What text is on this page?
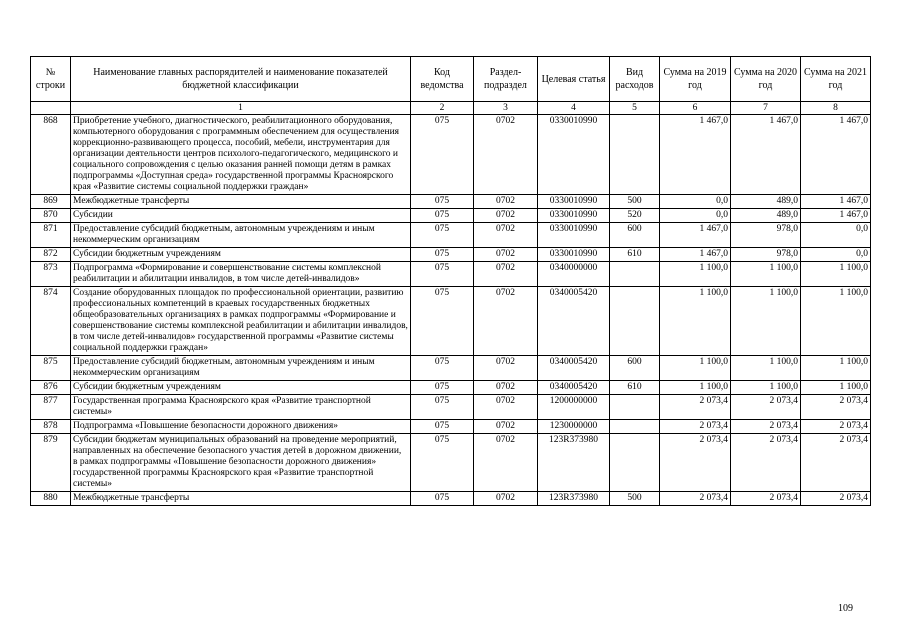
№ строки	Наименование главных распорядителей и наименование показателей бюджетной классификации	Код ведомства	Раздел-подраздел	Целевая статья	Вид расходов	Сумма на 2019 год	Сумма на 2020 год	Сумма на 2021 год
	1	2	3	4	5	6	7	8
868	Приобретение учебного, диагностического, реабилитационного оборудования, компьютерного оборудования с программным обеспечением для осуществления коррекционно-развивающего процесса, пособий, мебели, инструментария для организации деятельности центров психолого-педагогического, медицинского и социального сопровождения с целью оказания ранней помощи детям в рамках подпрограммы «Доступная среда» государственной программы Красноярского края «Развитие системы социальной поддержки граждан»	075	0702	0330010990		1 467,0	1 467,0	1 467,0
869	Межбюджетные трансферты	075	0702	0330010990	500	0,0	489,0	1 467,0
870	Субсидии	075	0702	0330010990	520	0,0	489,0	1 467,0
871	Предоставление субсидий бюджетным, автономным учреждениям и иным некоммерческим организациям	075	0702	0330010990	600	1 467,0	978,0	0,0
872	Субсидии бюджетным учреждениям	075	0702	0330010990	610	1 467,0	978,0	0,0
873	Подпрограмма «Формирование и совершенствование системы комплексной реабилитации и абилитации инвалидов, в том числе детей-инвалидов»	075	0702	0340000000		1 100,0	1 100,0	1 100,0
874	Создание оборудованных площадок по профессиональной ориентации, развитию профессиональных компетенций в краевых государственных бюджетных общеобразовательных организациях в рамках подпрограммы «Формирование и совершенствование системы комплексной реабилитации и абилитации инвалидов, в том числе детей-инвалидов» государственной программы «Развитие системы социальной поддержки граждан»	075	0702	0340005420		1 100,0	1 100,0	1 100,0
875	Предоставление субсидий бюджетным, автономным учреждениям и иным некоммерческим организациям	075	0702	0340005420	600	1 100,0	1 100,0	1 100,0
876	Субсидии бюджетным учреждениям	075	0702	0340005420	610	1 100,0	1 100,0	1 100,0
877	Государственная программа Красноярского края «Развитие транспортной системы»	075	0702	1200000000		2 073,4	2 073,4	2 073,4
878	Подпрограмма «Повышение безопасности дорожного движения»	075	0702	1230000000		2 073,4	2 073,4	2 073,4
879	Субсидии бюджетам муниципальных образований на проведение мероприятий, направленных на обеспечение безопасного участия детей в дорожном движении, в рамках подпрограммы «Повышение безопасности дорожного движения» государственной программы Красноярского края «Развитие транспортной системы»	075	0702	123R373980		2 073,4	2 073,4	2 073,4
880	Межбюджетные трансферты	075	0702	123R373980	500	2 073,4	2 073,4	2 073,4
109
